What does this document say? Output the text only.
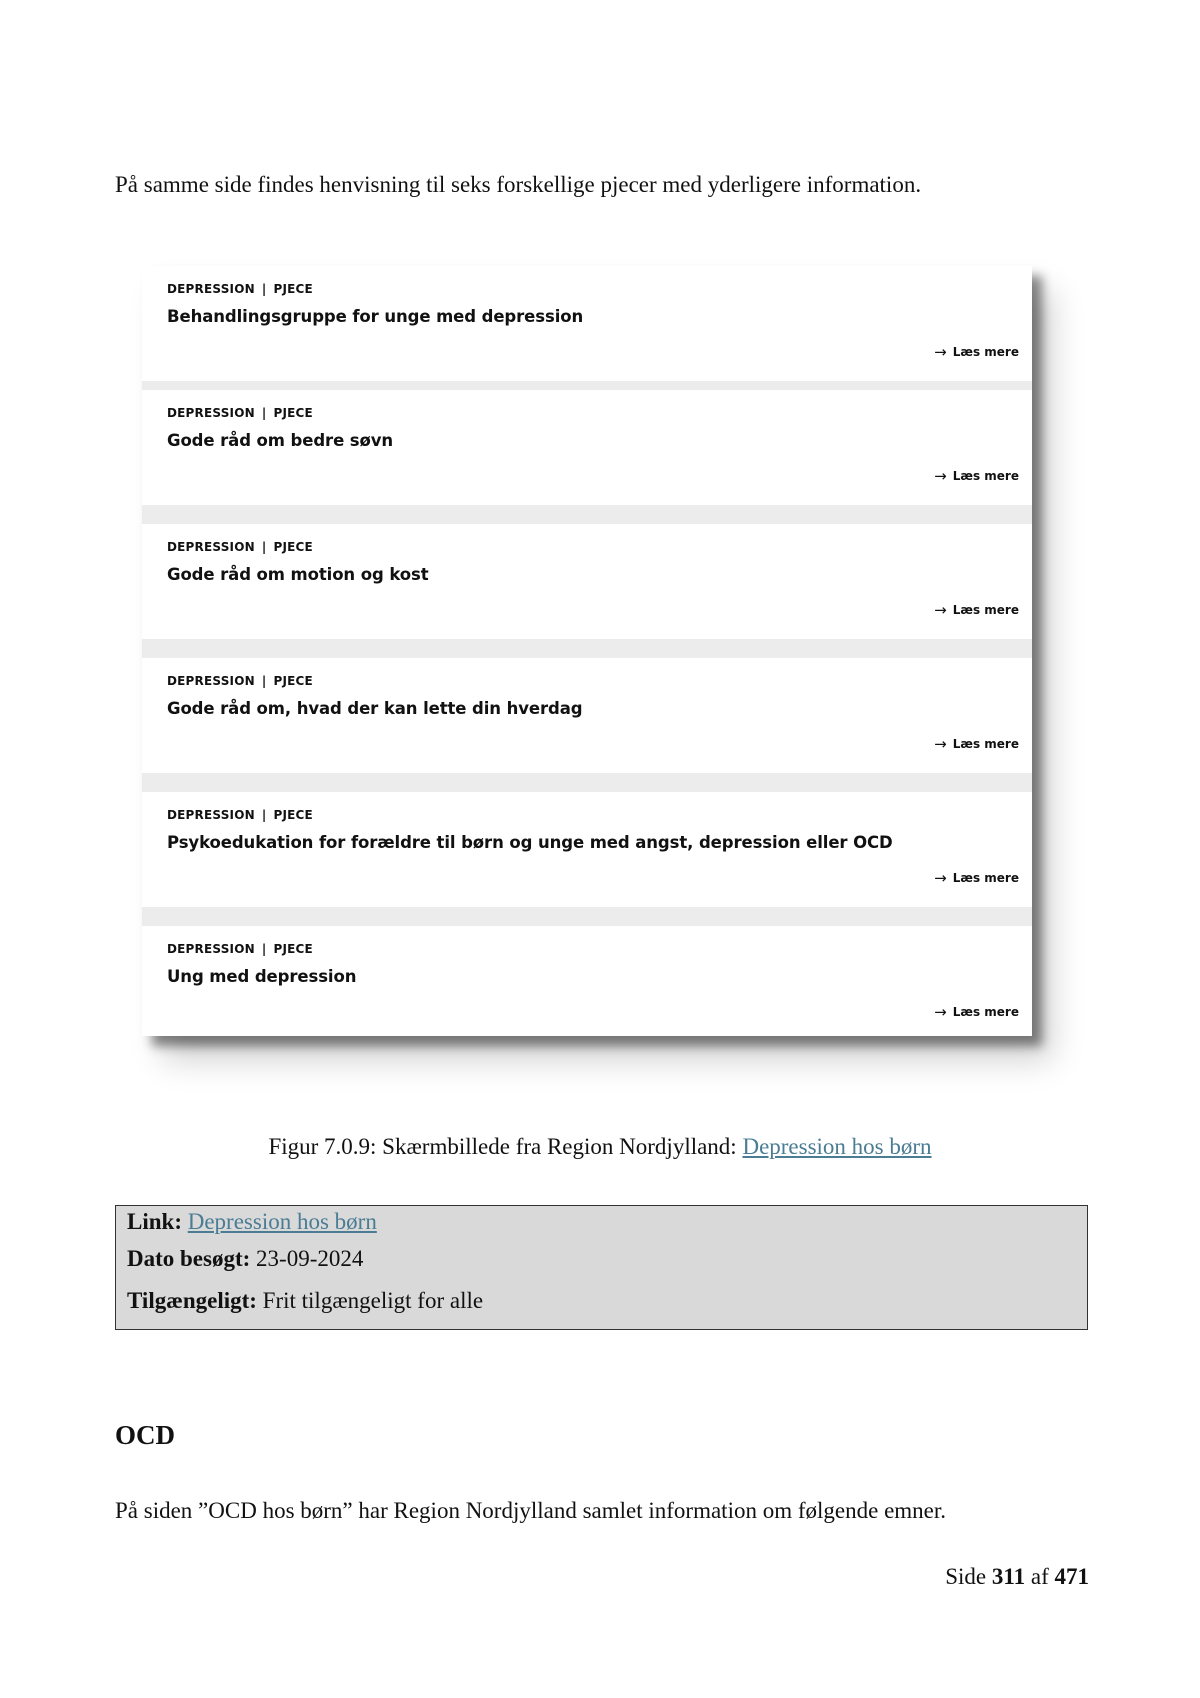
På samme side findes henvisning til seks forskellige pjecer med yderligere information.

DEPRESSION | PJECE
Behandlingsgruppe for unge med depression
→ Læs mere
DEPRESSION | PJECE
Gode råd om bedre søvn
→ Læs mere
DEPRESSION | PJECE
Gode råd om motion og kost
→ Læs mere
DEPRESSION | PJECE
Gode råd om, hvad der kan lette din hverdag
→ Læs mere
DEPRESSION | PJECE
Psykoedukation for forældre til børn og unge med angst, depression eller OCD
→ Læs mere
DEPRESSION | PJECE
Ung med depression
→ Læs mere

Figur 7.0.9: Skærmbillede fra Region Nordjylland: Depression hos børn

Link: Depression hos børn
Dato besøgt: 23-09-2024
Tilgængeligt: Frit tilgængeligt for alle
OCD

På siden ”OCD hos børn” har Region Nordjylland samlet information om følgende emner.

Side 311 af 471
